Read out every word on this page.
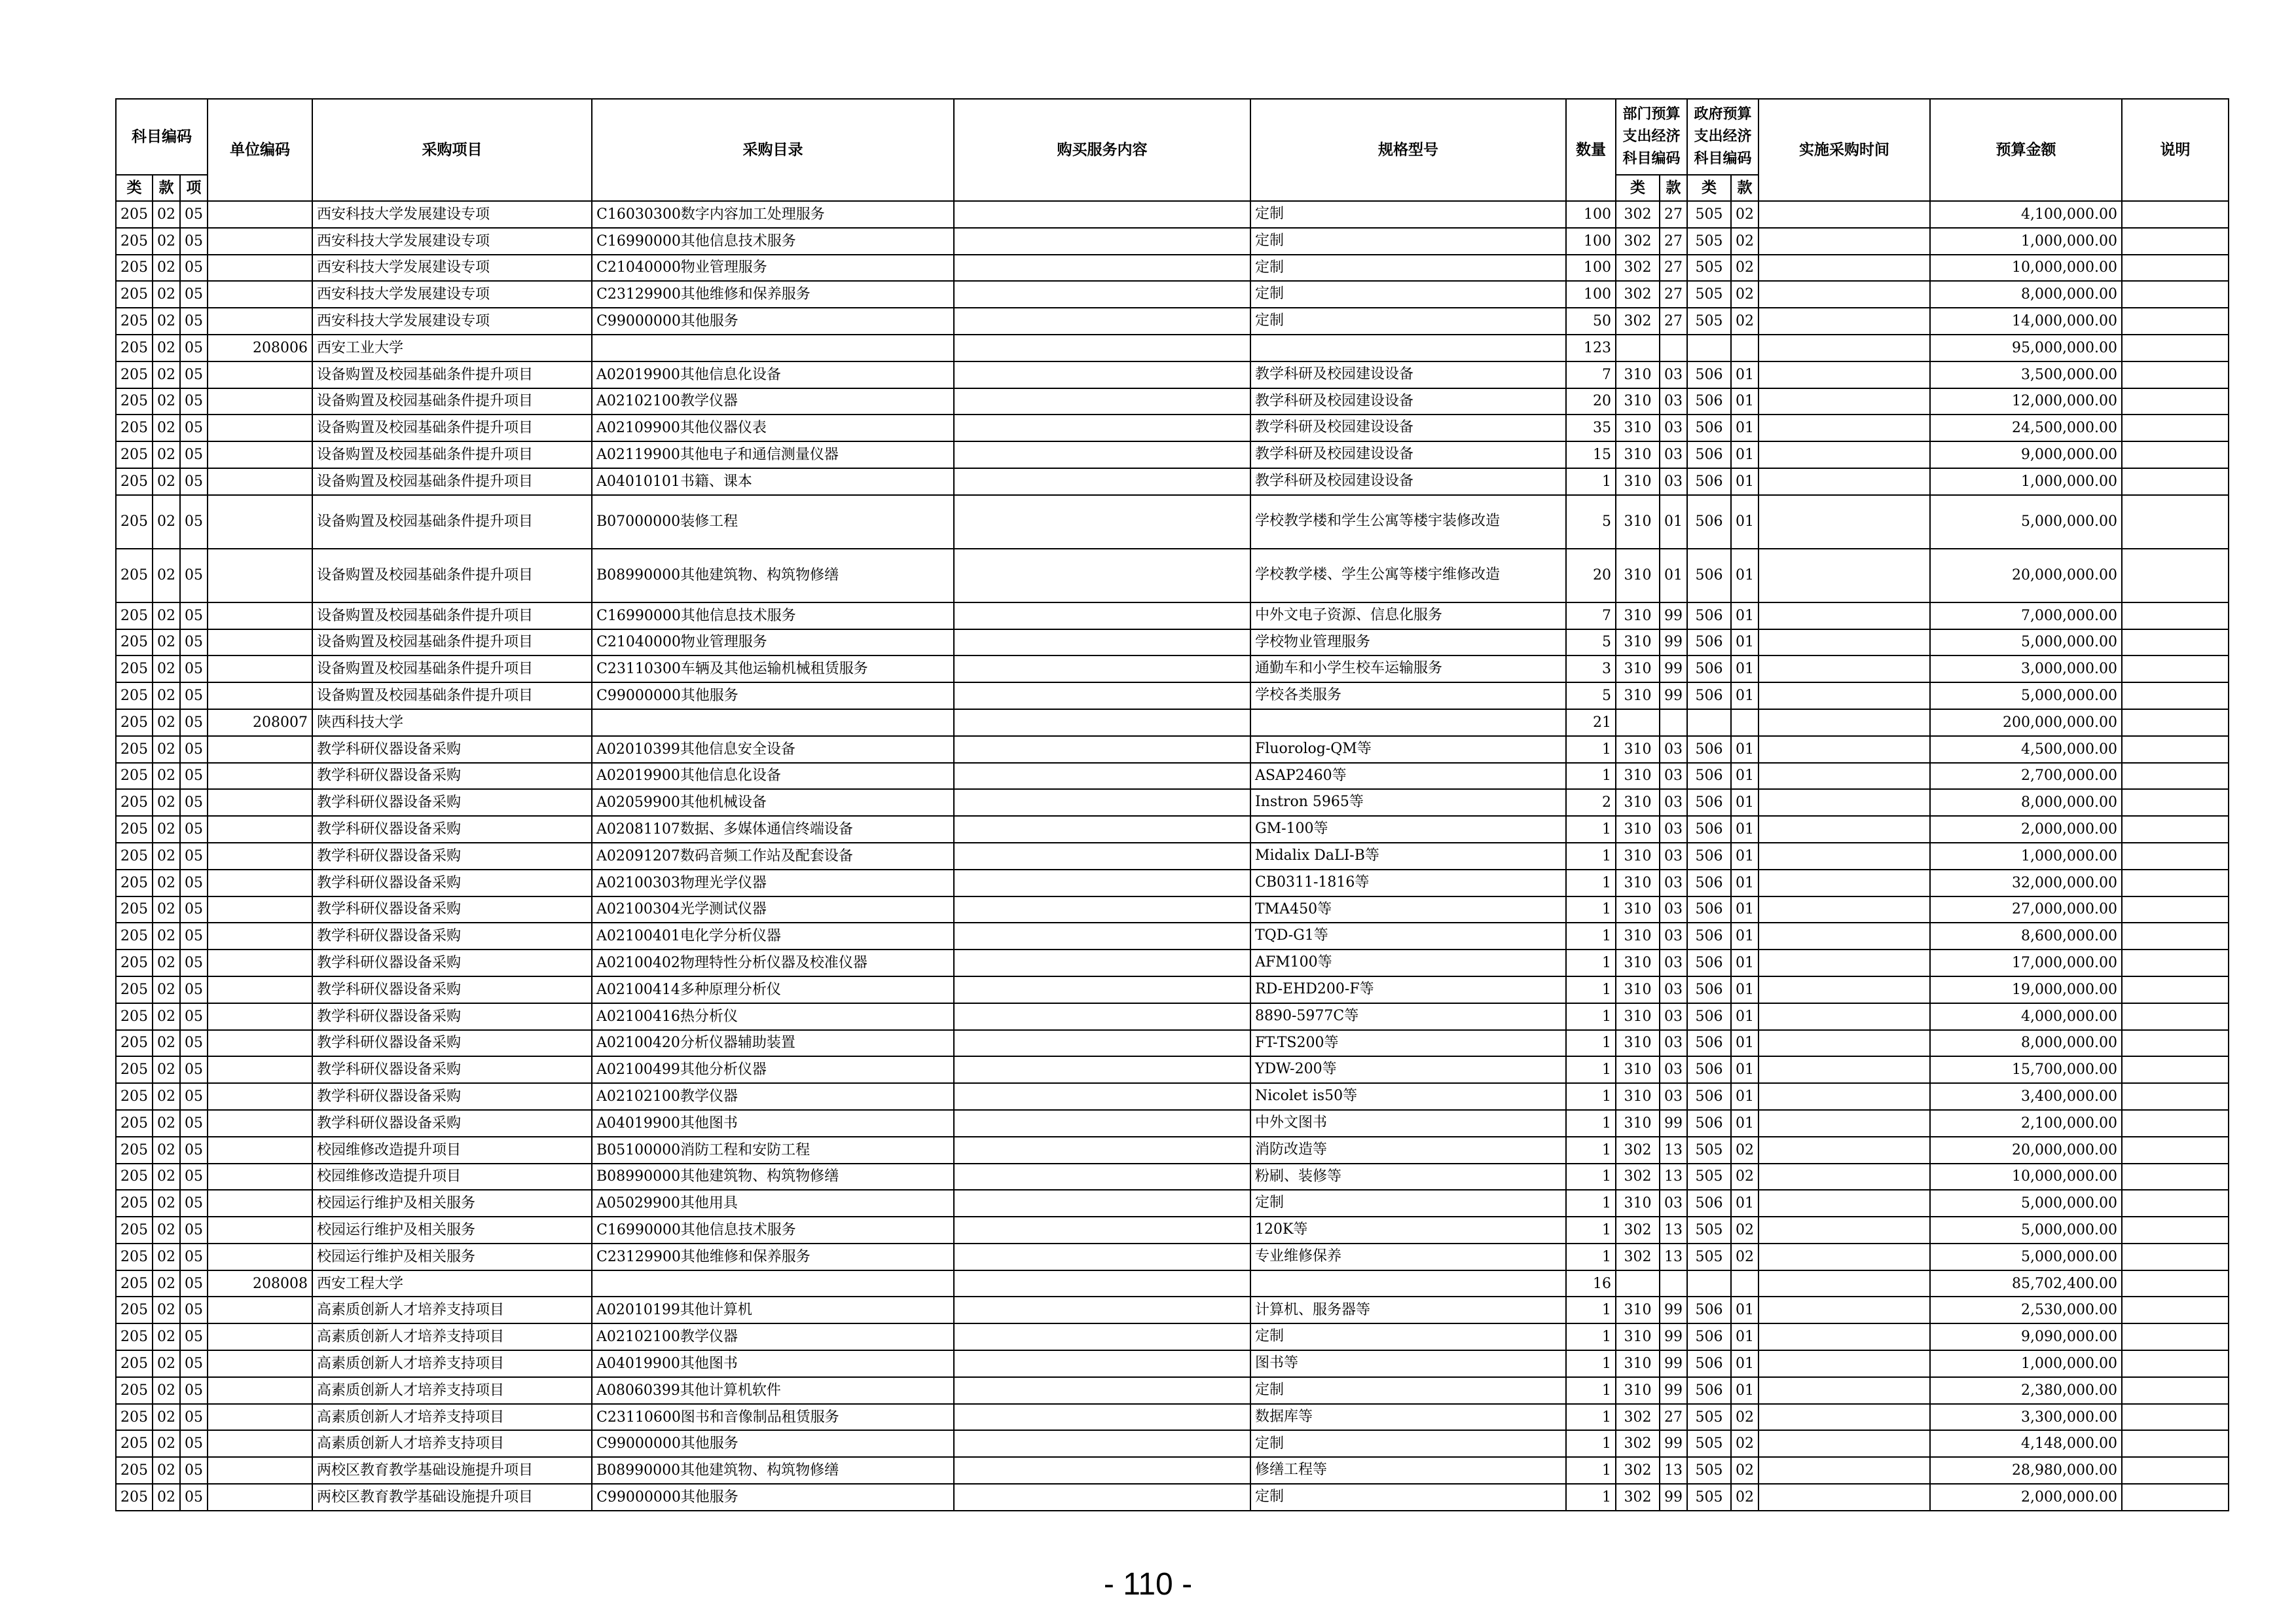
科目编码			单位编码	采购项目	采购目录	购买服务内容	规格型号	数量	部门预算支出经济科目编码		政府预算支出经济科目编码		实施采购时间	预算金额	说明
类	款	项							类	款	类	款			
205	02	05		西安科技大学发展建设专项	C16030300数字内容加工处理服务		定制	100	302	27	505	02		4,100,000.00	
205	02	05		西安科技大学发展建设专项	C16990000其他信息技术服务		定制	100	302	27	505	02		1,000,000.00	
205	02	05		西安科技大学发展建设专项	C21040000物业管理服务		定制	100	302	27	505	02		10,000,000.00	
205	02	05		西安科技大学发展建设专项	C23129900其他维修和保养服务		定制	100	302	27	505	02		8,000,000.00	
205	02	05		西安科技大学发展建设专项	C99000000其他服务		定制	50	302	27	505	02		14,000,000.00	
205	02	05	208006	西安工业大学				123						95,000,000.00	
205	02	05		设备购置及校园基础条件提升项目	A02019900其他信息化设备		教学科研及校园建设设备	7	310	03	506	01		3,500,000.00	
205	02	05		设备购置及校园基础条件提升项目	A02102100教学仪器		教学科研及校园建设设备	20	310	03	506	01		12,000,000.00	
205	02	05		设备购置及校园基础条件提升项目	A02109900其他仪器仪表		教学科研及校园建设设备	35	310	03	506	01		24,500,000.00	
205	02	05		设备购置及校园基础条件提升项目	A02119900其他电子和通信测量仪器		教学科研及校园建设设备	15	310	03	506	01		9,000,000.00	
205	02	05		设备购置及校园基础条件提升项目	A04010101书籍、课本		教学科研及校园建设设备	1	310	03	506	01		1,000,000.00	
205	02	05		设备购置及校园基础条件提升项目	B07000000装修工程		学校教学楼和学生公寓等楼宇装修改造	5	310	01	506	01		5,000,000.00	
205	02	05		设备购置及校园基础条件提升项目	B08990000其他建筑物、构筑物修缮		学校教学楼、学生公寓等楼宇维修改造	20	310	01	506	01		20,000,000.00	
205	02	05		设备购置及校园基础条件提升项目	C16990000其他信息技术服务		中外文电子资源、信息化服务	7	310	99	506	01		7,000,000.00	
205	02	05		设备购置及校园基础条件提升项目	C21040000物业管理服务		学校物业管理服务	5	310	99	506	01		5,000,000.00	
205	02	05		设备购置及校园基础条件提升项目	C23110300车辆及其他运输机械租赁服务		通勤车和小学生校车运输服务	3	310	99	506	01		3,000,000.00	
205	02	05		设备购置及校园基础条件提升项目	C99000000其他服务		学校各类服务	5	310	99	506	01		5,000,000.00	
205	02	05	208007	陕西科技大学				21						200,000,000.00	
205	02	05		教学科研仪器设备采购	A02010399其他信息安全设备		Fluorolog-QM等	1	310	03	506	01		4,500,000.00	
205	02	05		教学科研仪器设备采购	A02019900其他信息化设备		ASAP2460等	1	310	03	506	01		2,700,000.00	
205	02	05		教学科研仪器设备采购	A02059900其他机械设备		Instron 5965等	2	310	03	506	01		8,000,000.00	
205	02	05		教学科研仪器设备采购	A02081107数据、多媒体通信终端设备		GM-100等	1	310	03	506	01		2,000,000.00	
205	02	05		教学科研仪器设备采购	A02091207数码音频工作站及配套设备		Midalix DaLI-B等	1	310	03	506	01		1,000,000.00	
205	02	05		教学科研仪器设备采购	A02100303物理光学仪器		CB0311-1816等	1	310	03	506	01		32,000,000.00	
205	02	05		教学科研仪器设备采购	A02100304光学测试仪器		TMA450等	1	310	03	506	01		27,000,000.00	
205	02	05		教学科研仪器设备采购	A02100401电化学分析仪器		TQD-G1等	1	310	03	506	01		8,600,000.00	
205	02	05		教学科研仪器设备采购	A02100402物理特性分析仪器及校准仪器		AFM100等	1	310	03	506	01		17,000,000.00	
205	02	05		教学科研仪器设备采购	A02100414多种原理分析仪		RD-EHD200-F等	1	310	03	506	01		19,000,000.00	
205	02	05		教学科研仪器设备采购	A02100416热分析仪		8890-5977C等	1	310	03	506	01		4,000,000.00	
205	02	05		教学科研仪器设备采购	A02100420分析仪器辅助装置		FT-TS200等	1	310	03	506	01		8,000,000.00	
205	02	05		教学科研仪器设备采购	A02100499其他分析仪器		YDW-200等	1	310	03	506	01		15,700,000.00	
205	02	05		教学科研仪器设备采购	A02102100教学仪器		Nicolet is50等	1	310	03	506	01		3,400,000.00	
205	02	05		教学科研仪器设备采购	A04019900其他图书		中外文图书	1	310	99	506	01		2,100,000.00	
205	02	05		校园维修改造提升项目	B05100000消防工程和安防工程		消防改造等	1	302	13	505	02		20,000,000.00	
205	02	05		校园维修改造提升项目	B08990000其他建筑物、构筑物修缮		粉刷、装修等	1	302	13	505	02		10,000,000.00	
205	02	05		校园运行维护及相关服务	A05029900其他用具		定制	1	310	03	506	01		5,000,000.00	
205	02	05		校园运行维护及相关服务	C16990000其他信息技术服务		120K等	1	302	13	505	02		5,000,000.00	
205	02	05		校园运行维护及相关服务	C23129900其他维修和保养服务		专业维修保养	1	302	13	505	02		5,000,000.00	
205	02	05	208008	西安工程大学				16						85,702,400.00	
205	02	05		高素质创新人才培养支持项目	A02010199其他计算机		计算机、服务器等	1	310	99	506	01		2,530,000.00	
205	02	05		高素质创新人才培养支持项目	A02102100教学仪器		定制	1	310	99	506	01		9,090,000.00	
205	02	05		高素质创新人才培养支持项目	A04019900其他图书		图书等	1	310	99	506	01		1,000,000.00	
205	02	05		高素质创新人才培养支持项目	A08060399其他计算机软件		定制	1	310	99	506	01		2,380,000.00	
205	02	05		高素质创新人才培养支持项目	C23110600图书和音像制品租赁服务		数据库等	1	302	27	505	02		3,300,000.00	
205	02	05		高素质创新人才培养支持项目	C99000000其他服务		定制	1	302	99	505	02		4,148,000.00	
205	02	05		两校区教育教学基础设施提升项目	B08990000其他建筑物、构筑物修缮		修缮工程等	1	302	13	505	02		28,980,000.00	
205	02	05		两校区教育教学基础设施提升项目	C99000000其他服务		定制	1	302	99	505	02		2,000,000.00	
- 110 -
